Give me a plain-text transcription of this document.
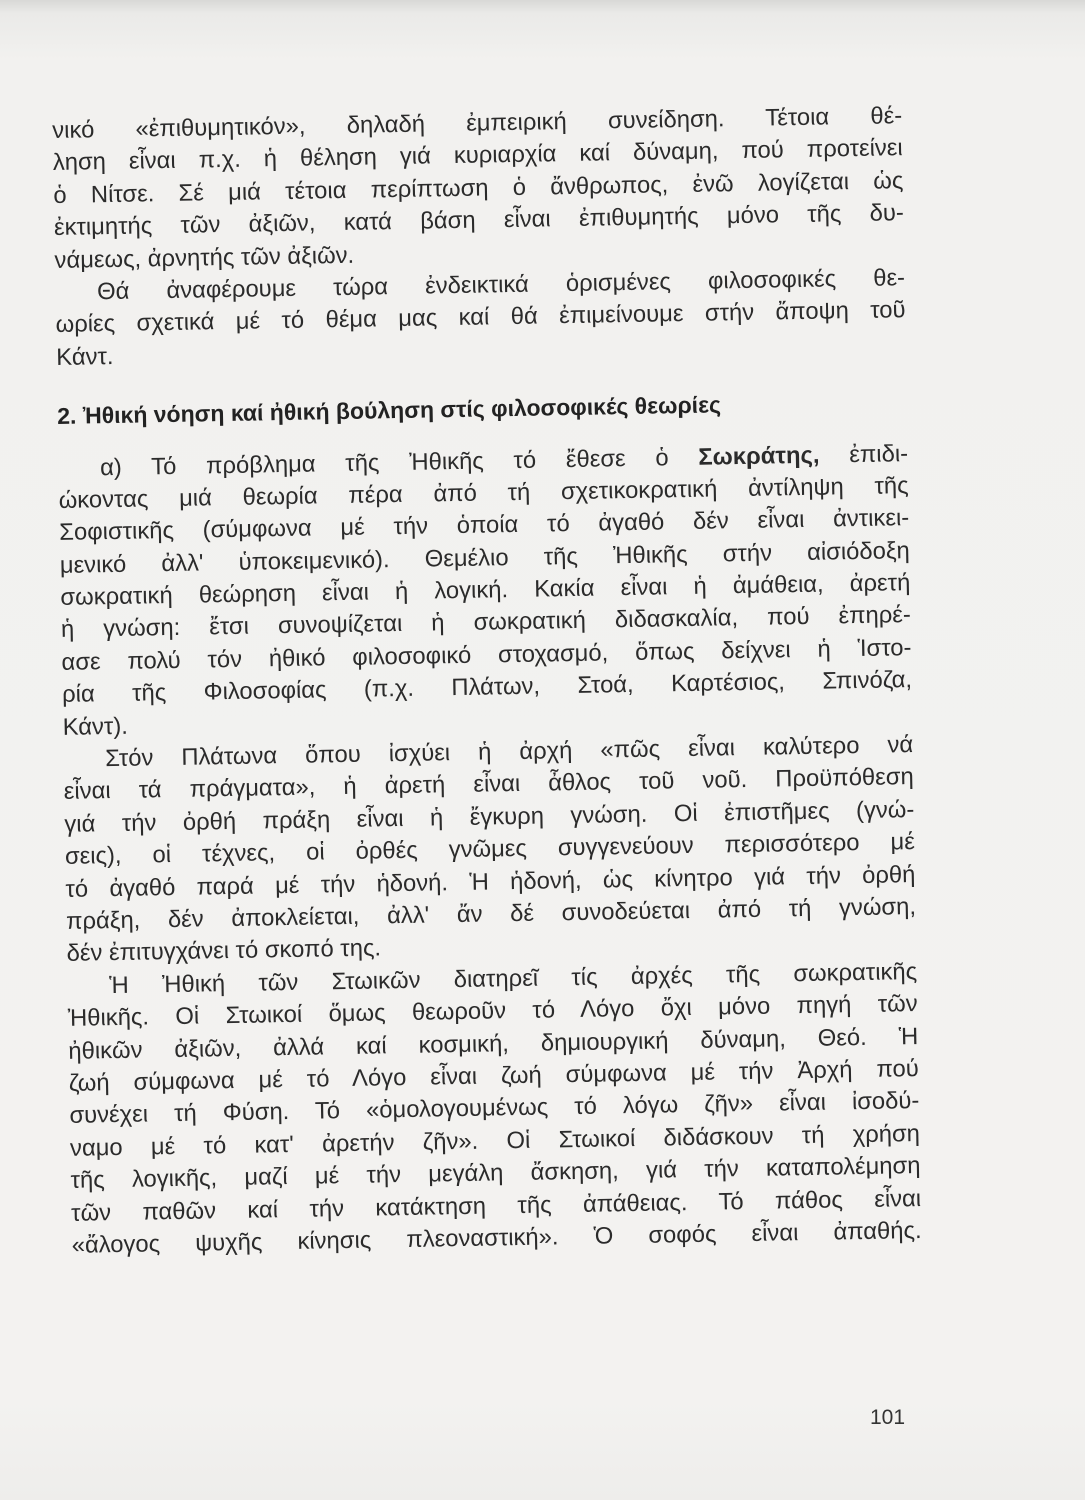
νικό «ἐπιθυμητικόν», δηλαδή ἐμπειρική συνείδηση. Τέτοια θέ-
ληση εἶναι π.χ. ἡ θέληση γιά κυριαρχία καί δύναμη, πού προτείνει
ὁ Νίτσε. Σέ μιά τέτοια περίπτωση ὁ ἄνθρωπος, ἐνῶ λογίζεται ὡς
ἐκτιμητής τῶν ἀξιῶν, κατά βάση εἶναι ἐπιθυμητής μόνο τῆς δυ-
νάμεως, ἀρνητής τῶν ἀξιῶν.
Θά ἀναφέρουμε τώρα ἐνδεικτικά ὁρισμένες φιλοσοφικές θε-
ωρίες σχετικά μέ τό θέμα μας καί θά ἐπιμείνουμε στήν ἄποψη τοῦ
Κάντ.
2. Ἠθική νόηση καί ἠθική βούληση στίς φιλοσοφικές θεωρίες
α) Τό πρόβλημα τῆς Ἠθικῆς τό ἔθεσε ὁ Σωκράτης, ἐπιδι-
ώκοντας μιά θεωρία πέρα ἀπό τή σχετικοκρατική ἀντίληψη τῆς
Σοφιστικῆς (σύμφωνα μέ τήν ὁποία τό ἀγαθό δέν εἶναι ἀντικει-
μενικό ἀλλ' ὑποκειμενικό). Θεμέλιο τῆς Ἠθικῆς στήν αἰσιόδοξη
σωκρατική θεώρηση εἶναι ἡ λογική. Κακία εἶναι ἡ ἀμάθεια, ἀρετή
ἡ γνώση: ἔτσι συνοψίζεται ἡ σωκρατική διδασκαλία, πού ἐπηρέ-
ασε πολύ τόν ἠθικό φιλοσοφικό στοχασμό, ὅπως δείχνει ἡ Ἱστο-
ρία τῆς Φιλοσοφίας (π.χ. Πλάτων, Στοά, Καρτέσιος, Σπινόζα,
Κάντ).
Στόν Πλάτωνα ὅπου ἰσχύει ἡ ἀρχή «πῶς εἶναι καλύτερο νά
εἶναι τά πράγματα», ἡ ἀρετή εἶναι ἆθλος τοῦ νοῦ. Προϋπόθεση
γιά τήν ὀρθή πράξη εἶναι ἡ ἔγκυρη γνώση. Οἱ ἐπιστῆμες (γνώ-
σεις), οἱ τέχνες, οἱ ὀρθές γνῶμες συγγενεύουν περισσότερο μέ
τό ἀγαθό παρά μέ τήν ἡδονή. Ἡ ἡδονή, ὡς κίνητρο γιά τήν ὀρθή
πράξη, δέν ἀποκλείεται, ἀλλ' ἄν δέ συνοδεύεται ἀπό τή γνώση,
δέν ἐπιτυγχάνει τό σκοπό της.
Ἡ Ἠθική τῶν Στωικῶν διατηρεῖ τίς ἀρχές τῆς σωκρατικῆς
Ἠθικῆς. Οἱ Στωικοί ὅμως θεωροῦν τό Λόγο ὄχι μόνο πηγή τῶν
ἠθικῶν ἀξιῶν, ἀλλά καί κοσμική, δημιουργική δύναμη, Θεό. Ἡ
ζωή σύμφωνα μέ τό Λόγο εἶναι ζωή σύμφωνα μέ τήν Ἀρχή πού
συνέχει τή Φύση. Τό «ὁμολογουμένως τό λόγω ζῆν» εἶναι ἰσοδύ-
ναμο μέ τό κατ' ἀρετήν ζῆν». Οἱ Στωικοί διδάσκουν τή χρήση
τῆς λογικῆς, μαζί μέ τήν μεγάλη ἄσκηση, γιά τήν καταπολέμηση
τῶν παθῶν καί τήν κατάκτηση τῆς ἀπάθειας. Τό πάθος εἶναι
«ἄλογος ψυχῆς κίνησις πλεοναστική». Ὁ σοφός εἶναι ἀπαθής.
101
